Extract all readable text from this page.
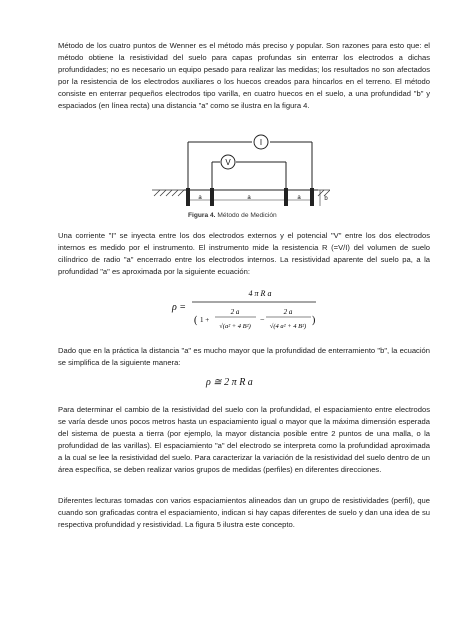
Método de los cuatro puntos de Wenner es el método más preciso y popular. Son razones para esto que: el método obtiene la resistividad del suelo para capas profundas sin enterrar los electrodos a dichas profundidades; no es necesario un equipo pesado para realizar las medidas; los resultados no son afectados por la resistencia de los electrodos auxiliares o los huecos creados para hincarlos en el terreno. El método consiste en enterrar pequeños electrodos tipo varilla, en cuatro huecos en el suelo, a una profundidad "b" y espaciados (en línea recta) una distancia "a" como se ilustra en la figura 4.

I
V
a	a	a	b
Figura 4. Método de Medición

Una corriente "I" se inyecta entre los dos electrodos externos y el potencial "V" entre los dos electrodos internos es medido por el instrumento. El instrumento mide la resistencia R (=V/I) del volumen de suelo cilíndrico de radio "a" encerrado entre los electrodos internos. La resistividad aparente del suelo pa, a la profundidad "a" es aproximada por la siguiente ecuación:

ρ =
4 π R a
( 1 +
2 a
√(a² + 4 B²)
−
2 a
√(4 a² + 4 B²)
)

Dado que en la práctica la distancia "a" es mucho mayor que la profundidad de enterramiento "b", la ecuación se simplifica de la siguiente manera:

ρ ≅ 2 π R a

Para determinar el cambio de la resistividad del suelo con la profundidad, el espaciamiento entre electrodos se varía desde unos pocos metros hasta un espaciamiento igual o mayor que la máxima dimensión esperada del sistema de puesta a tierra (por ejemplo, la mayor distancia posible entre 2 puntos de una malla, o la profundidad de las varillas). El espaciamiento "a" del electrodo se interpreta como la profundidad aproximada a la cual se lee la resistividad del suelo. Para caracterizar la variación de la resistividad del suelo dentro de un área específica, se deben realizar varios grupos de medidas (perfiles) en diferentes direcciones.

Diferentes lecturas tomadas con varios espaciamientos alineados dan un grupo de resistividades (perfil), que cuando son graficadas contra el espaciamiento, indican si hay capas diferentes de suelo y dan una idea de su respectiva profundidad y resistividad. La figura 5 ilustra este concepto.
